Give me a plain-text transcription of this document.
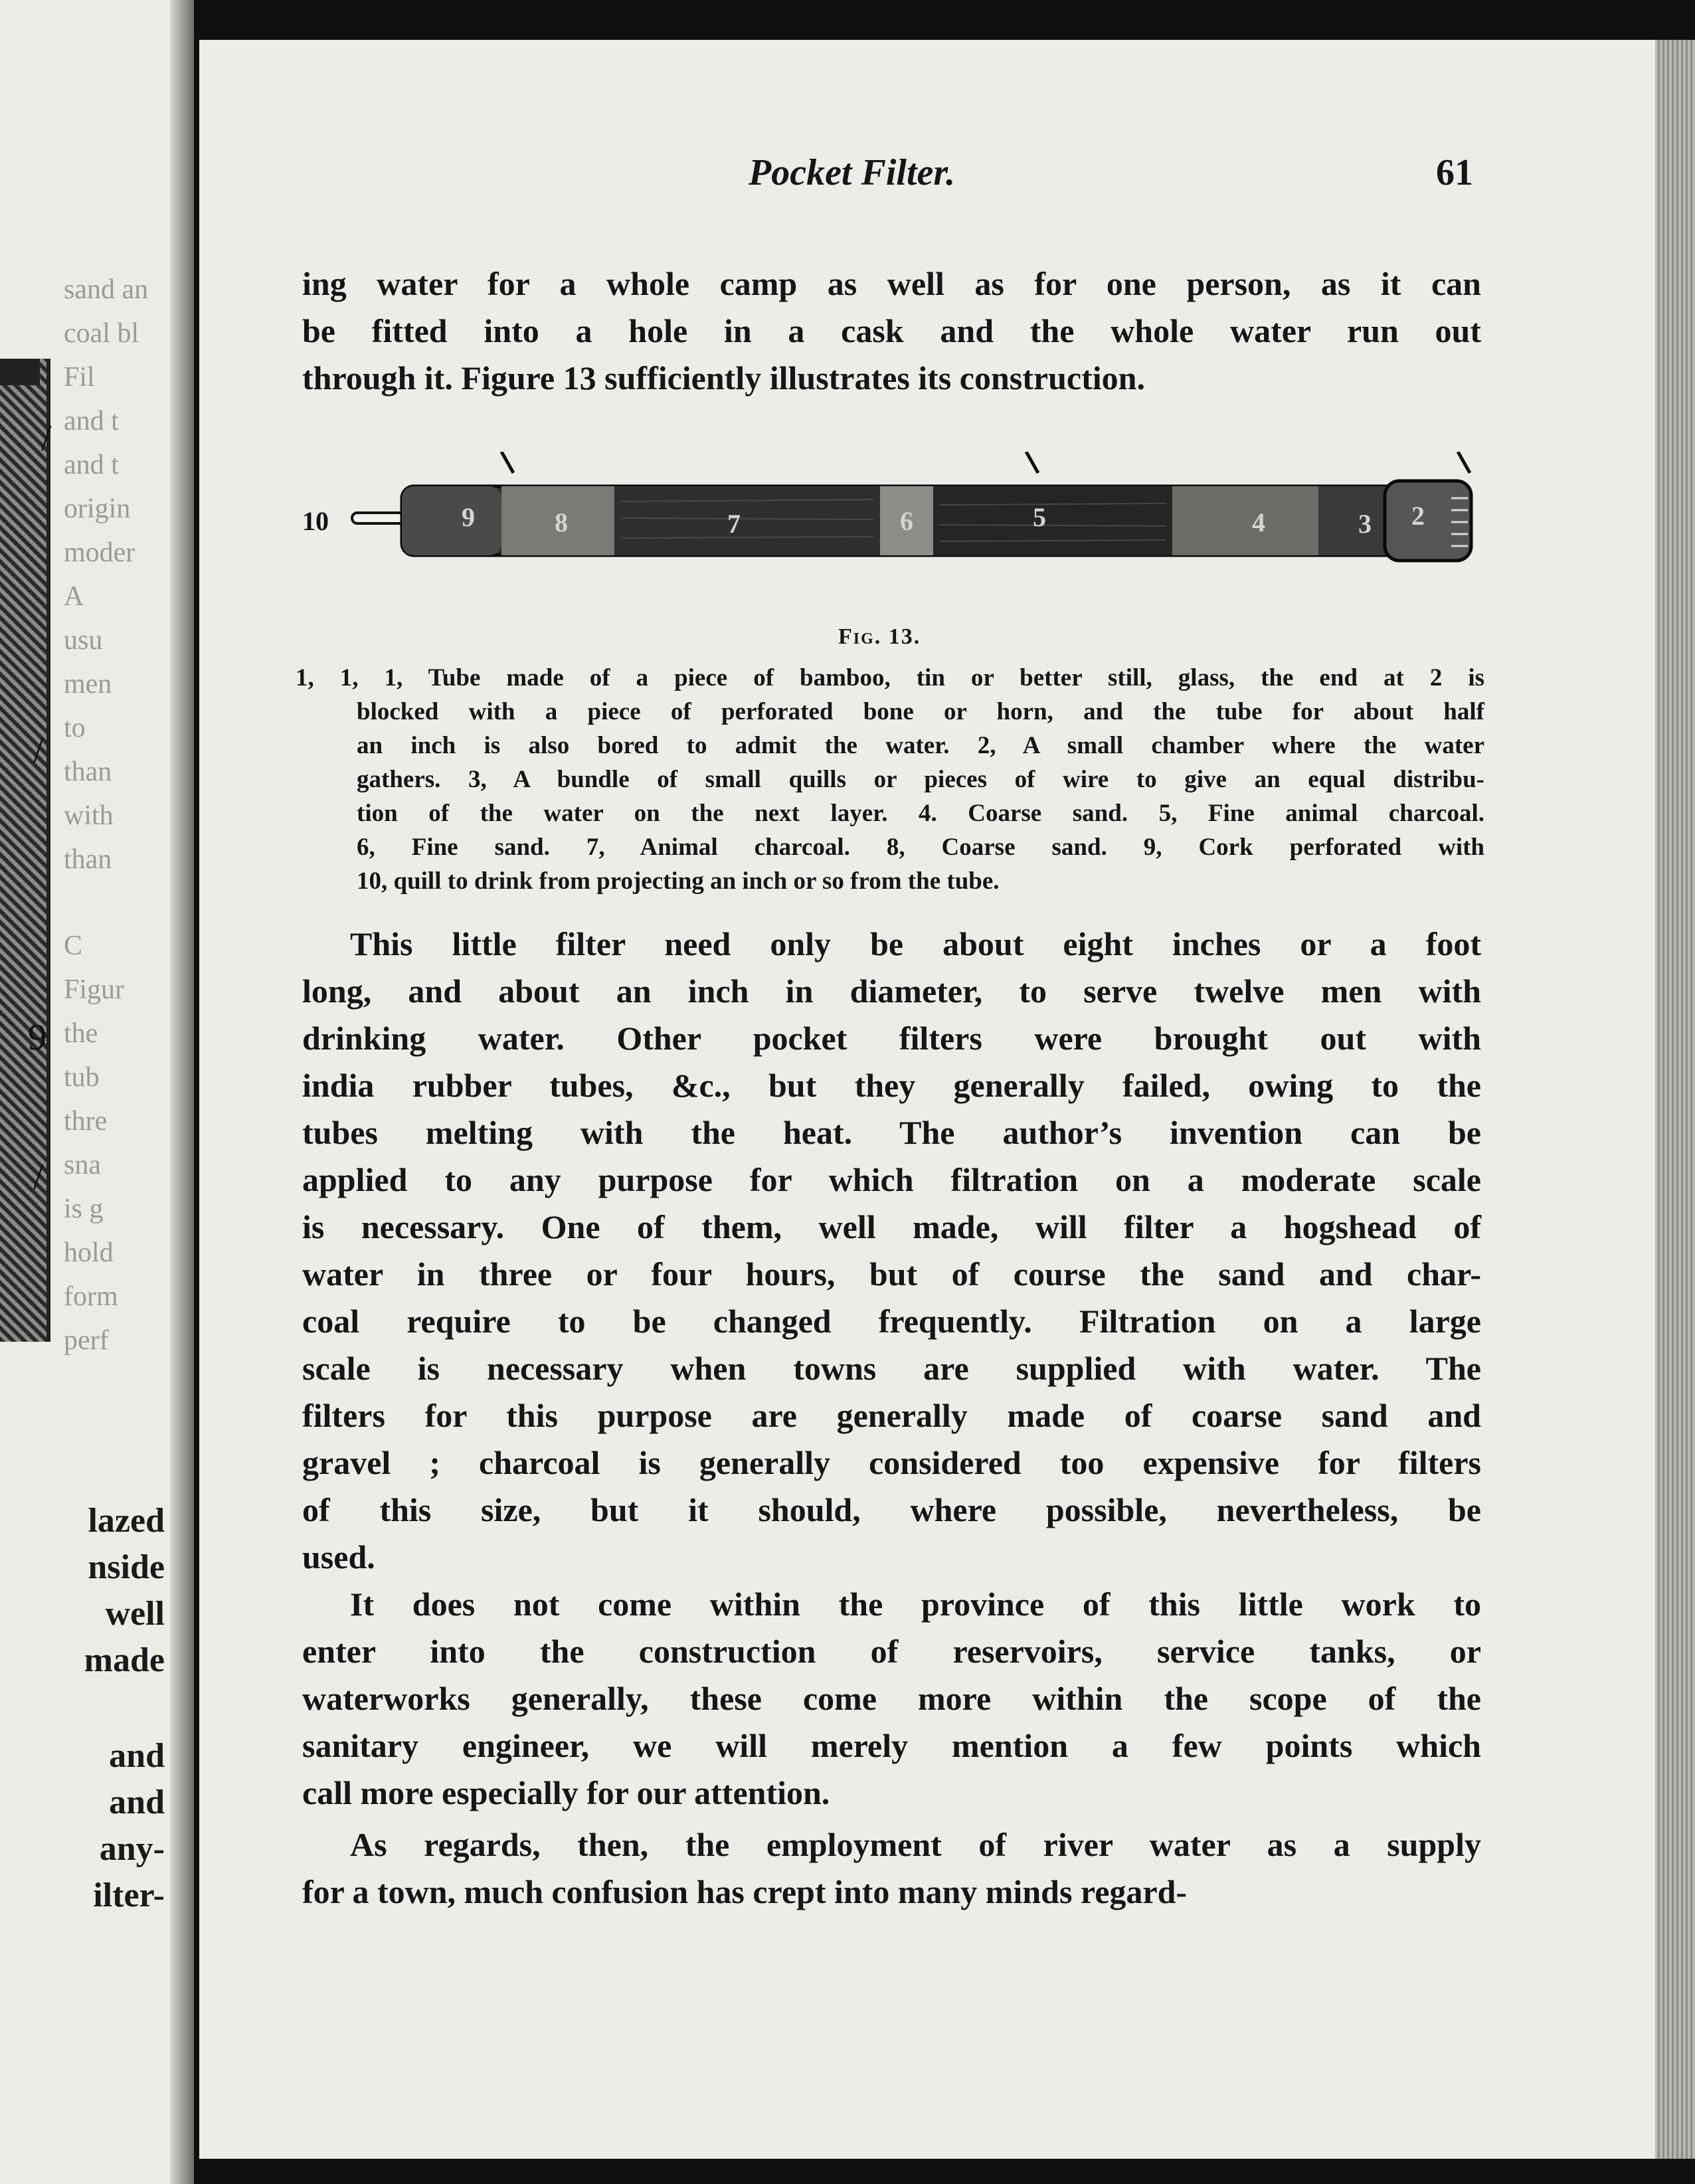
/
/
9
/
sand an
coal bl
Fil
and t
and t
origin
moder
A
usu
men
to
than
with
than
C
Figur
the
tub
thre
sna
is g
hold
form
perf
lazed
nside
well
made
and
and
any-
ilter-
Pocket Filter.	61
ing water for a whole camp as well as for one person, as it can
be fitted into a hole in a cask and the whole water run out
through it. Figure 13 sufficiently illustrates its construction.
10	9	8	7	6	5	4	3 2
Fig. 13.
1, 1, 1, Tube made of a piece of bamboo, tin or better still, glass, the end at 2 is
blocked with a piece of perforated bone or horn, and the tube for about half
an inch is also bored to admit the water. 2, A small chamber where the water
gathers. 3, A bundle of small quills or pieces of wire to give an equal distribu-
tion of the water on the next layer. 4. Coarse sand. 5, Fine animal charcoal.
6, Fine sand. 7, Animal charcoal. 8, Coarse sand. 9, Cork perforated with
10, quill to drink from projecting an inch or so from the tube.
This little filter need only be about eight inches or a foot
long, and about an inch in diameter, to serve twelve men with
drinking water. Other pocket filters were brought out with
india rubber tubes, &c., but they generally failed, owing to the
tubes melting with the heat. The author’s invention can be
applied to any purpose for which filtration on a moderate scale
is necessary. One of them, well made, will filter a hogshead of
water in three or four hours, but of course the sand and char-
coal require to be changed frequently. Filtration on a large
scale is necessary when towns are supplied with water. The
filters for this purpose are generally made of coarse sand and
gravel ; charcoal is generally considered too expensive for filters
of this size, but it should, where possible, nevertheless, be
used.
It does not come within the province of this little work to
enter into the construction of reservoirs, service tanks, or
waterworks generally, these come more within the scope of the
sanitary engineer, we will merely mention a few points which
call more especially for our attention.
As regards, then, the employment of river water as a supply
for a town, much confusion has crept into many minds regard-
